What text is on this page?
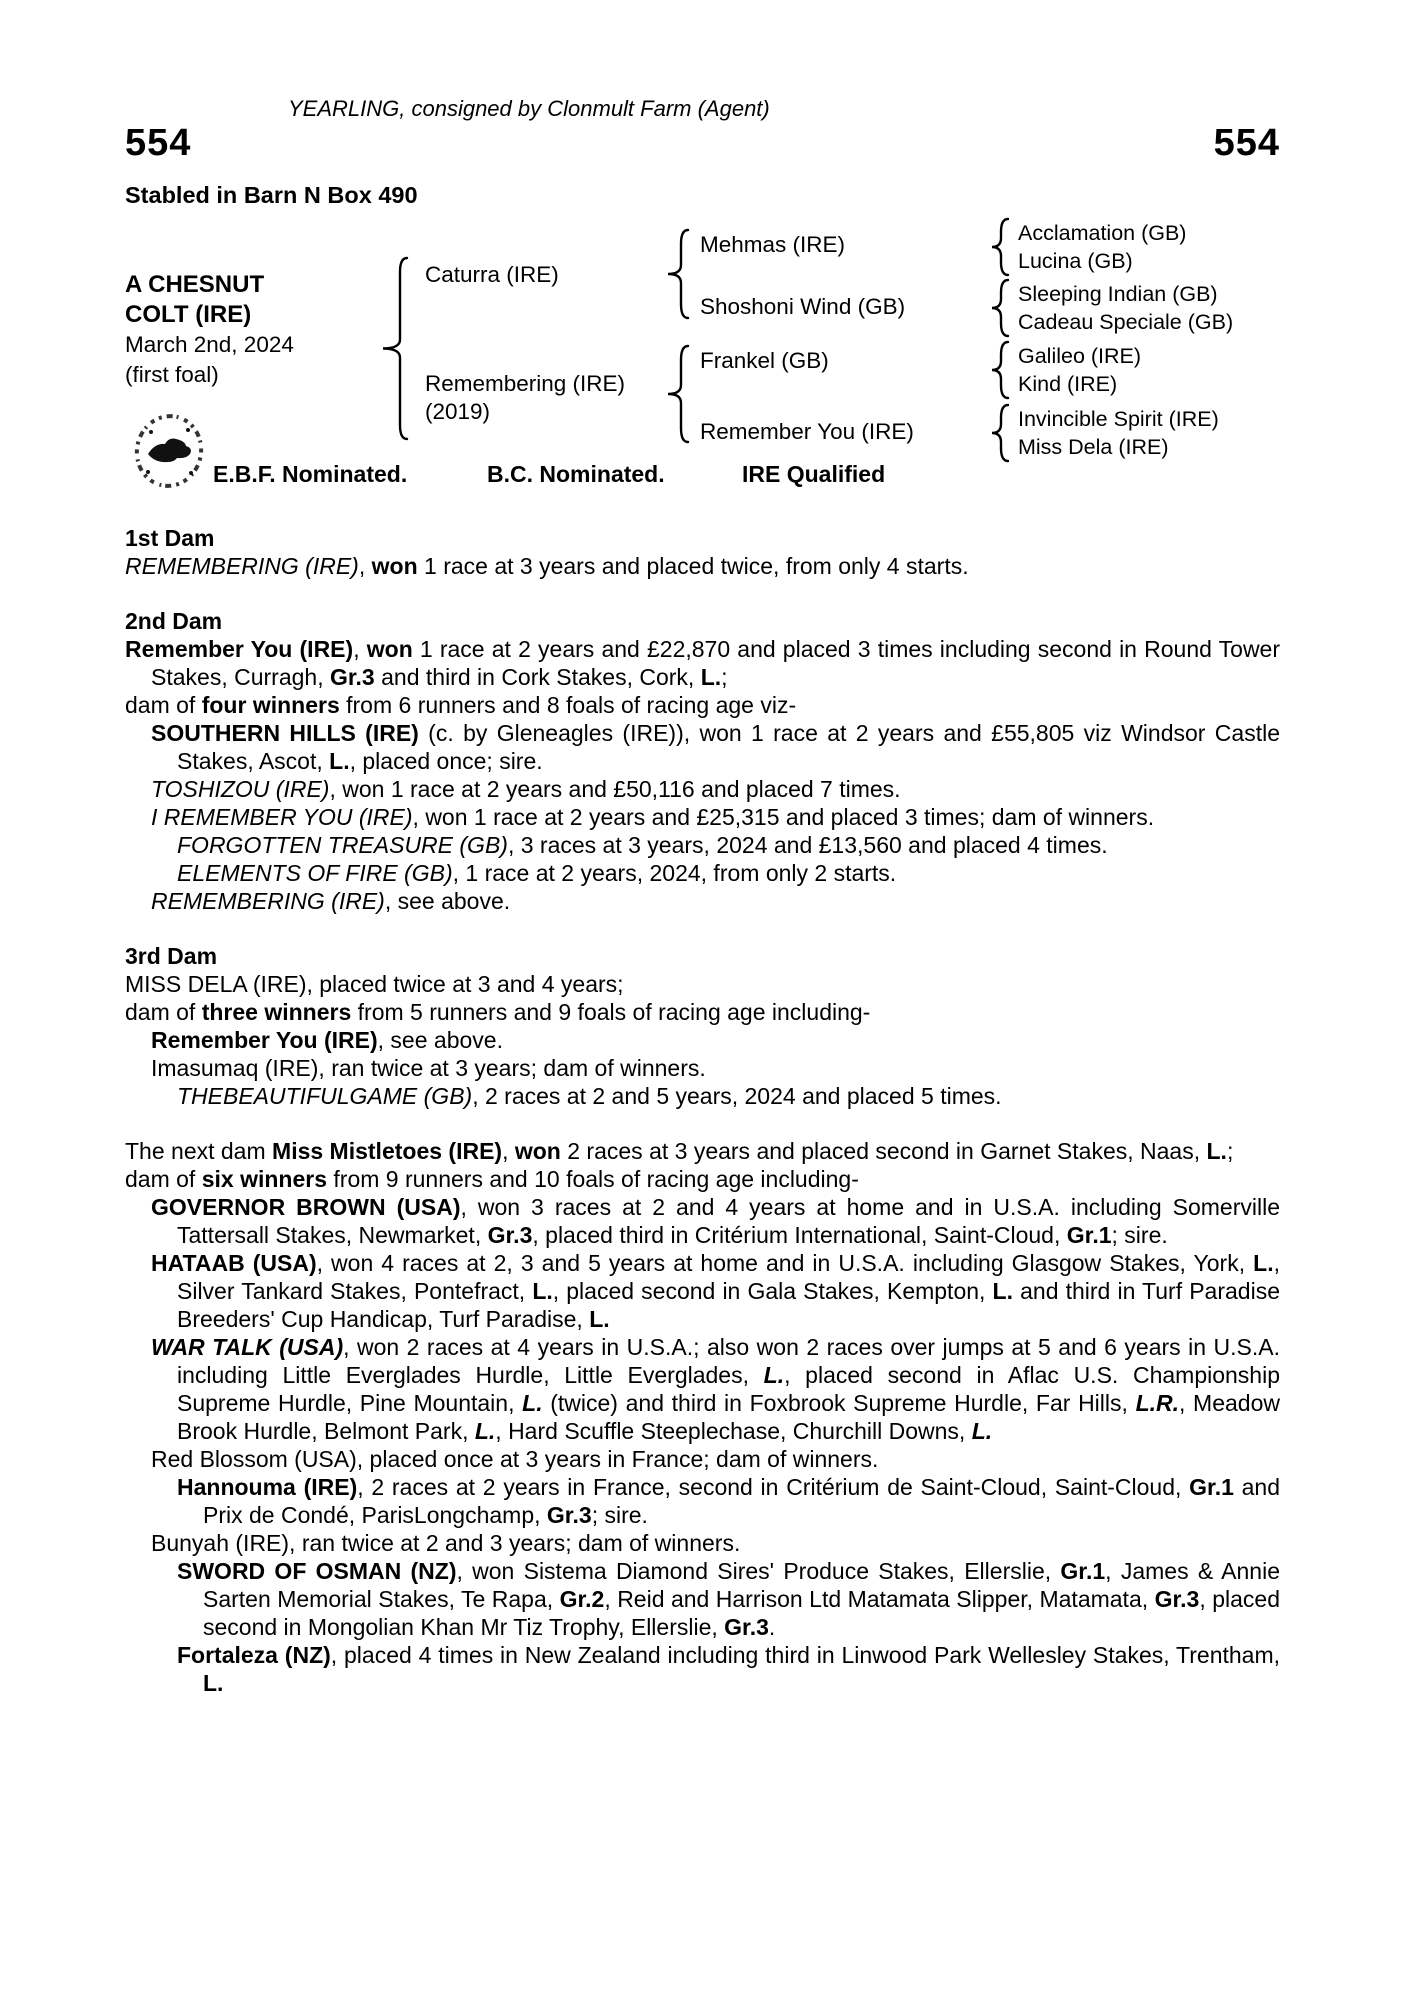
YEARLING, consigned by Clonmult Farm (Agent)
554	554
Stabled in Barn N Box 490
A CHESNUT
COLT (IRE)
March 2nd, 2024
(first foal)
Caturra (IRE)
Remembering (IRE)
(2019)
Mehmas (IRE)
Shoshoni Wind (GB)
Frankel (GB)
Remember You (IRE)
Acclamation (GB)
Lucina (GB)
Sleeping Indian (GB)
Cadeau Speciale (GB)
Galileo (IRE)
Kind (IRE)
Invincible Spirit (IRE)
Miss Dela (IRE)
E.B.F. Nominated.	B.C. Nominated.	IRE Qualified

1st Dam

REMEMBERING (IRE), won 1 race at 3 years and placed twice, from only 4 starts.

2nd Dam

Remember You (IRE), won 1 race at 2 years and £22,870 and placed 3 times including second in Round Tower Stakes, Curragh, Gr.3 and third in Cork Stakes, Cork, L.;

dam of four winners from 6 runners and 8 foals of racing age viz-

SOUTHERN HILLS (IRE) (c. by Gleneagles (IRE)), won 1 race at 2 years and £55,805 viz Windsor Castle Stakes, Ascot, L., placed once; sire.

TOSHIZOU (IRE), won 1 race at 2 years and £50,116 and placed 7 times.

I REMEMBER YOU (IRE), won 1 race at 2 years and £25,315 and placed 3 times; dam of winners.

FORGOTTEN TREASURE (GB), 3 races at 3 years, 2024 and £13,560 and placed 4 times.

ELEMENTS OF FIRE (GB), 1 race at 2 years, 2024, from only 2 starts.

REMEMBERING (IRE), see above.

3rd Dam

MISS DELA (IRE), placed twice at 3 and 4 years;

dam of three winners from 5 runners and 9 foals of racing age including-

Remember You (IRE), see above.

Imasumaq (IRE), ran twice at 3 years; dam of winners.

THEBEAUTIFULGAME (GB), 2 races at 2 and 5 years, 2024 and placed 5 times.

The next dam Miss Mistletoes (IRE), won 2 races at 3 years and placed second in Garnet Stakes, Naas, L.;

dam of six winners from 9 runners and 10 foals of racing age including-

GOVERNOR BROWN (USA), won 3 races at 2 and 4 years at home and in U.S.A. including Somerville Tattersall Stakes, Newmarket, Gr.3, placed third in Critérium International, Saint-Cloud, Gr.1; sire.

HATAAB (USA), won 4 races at 2, 3 and 5 years at home and in U.S.A. including Glasgow Stakes, York, L., Silver Tankard Stakes, Pontefract, L., placed second in Gala Stakes, Kempton, L. and third in Turf Paradise Breeders' Cup Handicap, Turf Paradise, L.

WAR TALK (USA), won 2 races at 4 years in U.S.A.; also won 2 races over jumps at 5 and 6 years in U.S.A. including Little Everglades Hurdle, Little Everglades, L., placed second in Aflac U.S. Championship Supreme Hurdle, Pine Mountain, L. (twice) and third in Foxbrook Supreme Hurdle, Far Hills, L.R., Meadow Brook Hurdle, Belmont Park, L., Hard Scuffle Steeplechase, Churchill Downs, L.

Red Blossom (USA), placed once at 3 years in France; dam of winners.

Hannouma (IRE), 2 races at 2 years in France, second in Critérium de Saint-Cloud, Saint-Cloud, Gr.1 and Prix de Condé, ParisLongchamp, Gr.3; sire.

Bunyah (IRE), ran twice at 2 and 3 years; dam of winners.

SWORD OF OSMAN (NZ), won Sistema Diamond Sires' Produce Stakes, Ellerslie, Gr.1, James & Annie Sarten Memorial Stakes, Te Rapa, Gr.2, Reid and Harrison Ltd Matamata Slipper, Matamata, Gr.3, placed second in Mongolian Khan Mr Tiz Trophy, Ellerslie, Gr.3.

Fortaleza (NZ), placed 4 times in New Zealand including third in Linwood Park Wellesley Stakes, Trentham, L.
